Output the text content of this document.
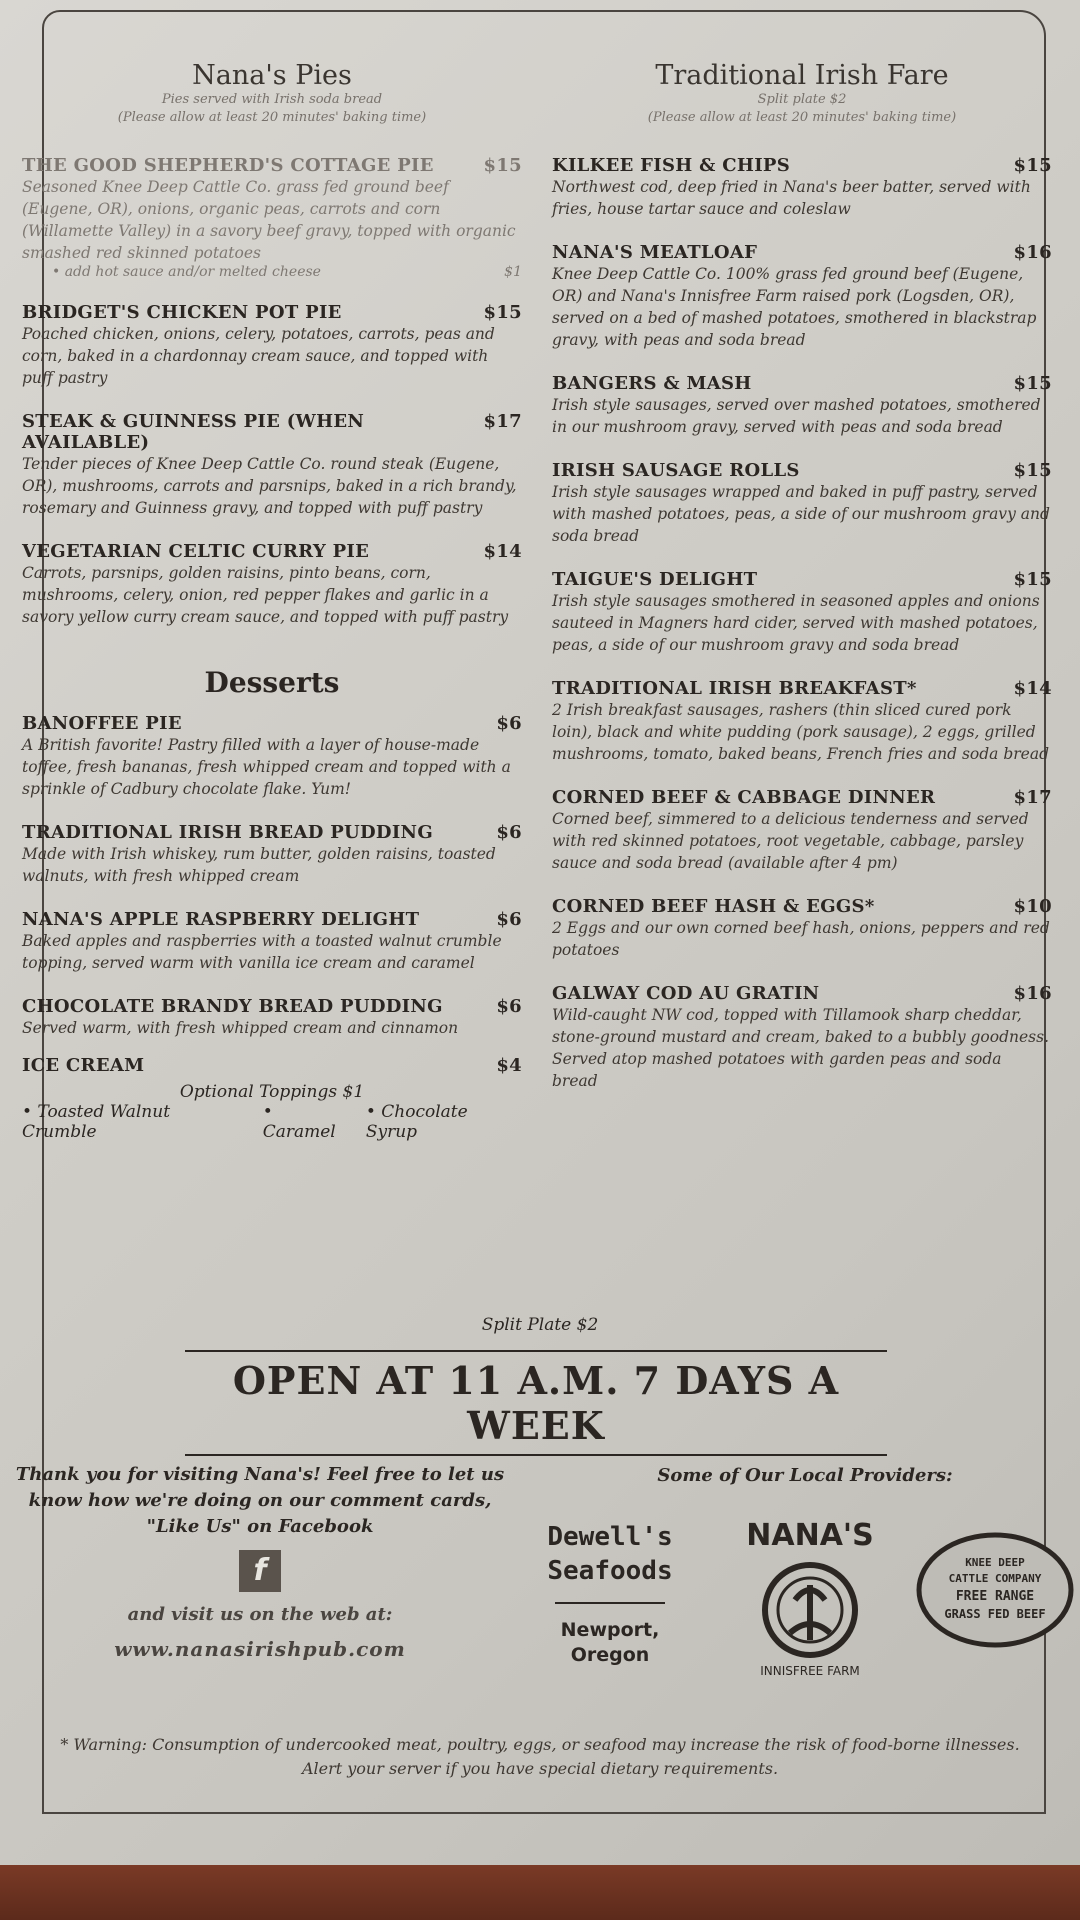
Nana's Pies
Pies served with Irish soda bread
(Please allow at least 20 minutes' baking time)
THE GOOD SHEPHERD'S COTTAGE PIE	$15
Seasoned Knee Deep Cattle Co. grass fed ground beef (Eugene, OR), onions, organic peas, carrots and corn (Willamette Valley) in a savory beef gravy, topped with organic smashed red skinned potatoes
• add hot sauce and/or melted cheese	$1
BRIDGET'S CHICKEN POT PIE	$15
Poached chicken, onions, celery, potatoes, carrots, peas and corn, baked in a chardonnay cream sauce, and topped with puff pastry
STEAK & GUINNESS PIE (WHEN AVAILABLE)
$17
Tender pieces of Knee Deep Cattle Co. round steak (Eugene, OR), mushrooms, carrots and parsnips, baked in a rich brandy, rosemary and Guinness gravy, and topped with puff pastry
VEGETARIAN CELTIC CURRY PIE	$14
Carrots, parsnips, golden raisins, pinto beans, corn, mushrooms, celery, onion, red pepper flakes and garlic in a savory yellow curry cream sauce, and topped with puff pastry
Desserts
BANOFFEE PIE	$6
A British favorite! Pastry filled with a layer of house-made toffee, fresh bananas, fresh whipped cream and topped with a sprinkle of Cadbury chocolate flake. Yum!
TRADITIONAL IRISH BREAD PUDDING	$6
Made with Irish whiskey, rum butter, golden raisins, toasted walnuts, with fresh whipped cream
NANA'S APPLE RASPBERRY DELIGHT	$6
Baked apples and raspberries with a toasted walnut crumble topping, served warm with vanilla ice cream and caramel
CHOCOLATE BRANDY BREAD PUDDING	$6
Served warm, with fresh whipped cream and cinnamon
ICE CREAM	$4
Optional Toppings $1
• Toasted Walnut Crumble
• Caramel
• Chocolate Syrup
Traditional Irish Fare
Split plate $2
(Please allow at least 20 minutes' baking time)
KILKEE FISH & CHIPS	$15
Northwest cod, deep fried in Nana's beer batter, served with fries, house tartar sauce and coleslaw
NANA'S MEATLOAF	$16
Knee Deep Cattle Co. 100% grass fed ground beef (Eugene, OR) and Nana's Innisfree Farm raised pork (Logsden, OR), served on a bed of mashed potatoes, smothered in blackstrap gravy, with peas and soda bread
BANGERS & MASH	$15
Irish style sausages, served over mashed potatoes, smothered in our mushroom gravy, served with peas and soda bread
IRISH SAUSAGE ROLLS	$15
Irish style sausages wrapped and baked in puff pastry, served with mashed potatoes, peas, a side of our mushroom gravy and soda bread
TAIGUE'S DELIGHT	$15
Irish style sausages smothered in seasoned apples and onions sauteed in Magners hard cider, served with mashed potatoes, peas, a side of our mushroom gravy and soda bread
TRADITIONAL IRISH BREAKFAST*	$14
2 Irish breakfast sausages, rashers (thin sliced cured pork loin), black and white pudding (pork sausage), 2 eggs, grilled mushrooms, tomato, baked beans, French fries and soda bread
CORNED BEEF & CABBAGE DINNER	$17
Corned beef, simmered to a delicious tenderness and served with red skinned potatoes, root vegetable, cabbage, parsley sauce and soda bread (available after 4 pm)
CORNED BEEF HASH & EGGS*	$10
2 Eggs and our own corned beef hash, onions, peppers and red potatoes
GALWAY COD AU GRATIN	$16
Wild-caught NW cod, topped with Tillamook sharp cheddar, stone-ground mustard and cream, baked to a bubbly goodness. Served atop mashed potatoes with garden peas and soda bread
Split Plate $2
OPEN AT 11 A.M. 7 DAYS A WEEK
Thank you for visiting Nana's! Feel free to let us know how we're doing on our comment cards, "Like Us" on Facebook
f
and visit us on the web at:
www.nanasirishpub.com
Some of Our Local Providers:
Dewell's
Seafoods
Newport,
Oregon
NANA'S
INNISFREE FARM
KNEE DEEP
CATTLE COMPANY
FREE RANGE
GRASS FED BEEF
* Warning: Consumption of undercooked meat, poultry, eggs, or seafood may increase the risk of food-borne illnesses.
Alert your server if you have special dietary requirements.
